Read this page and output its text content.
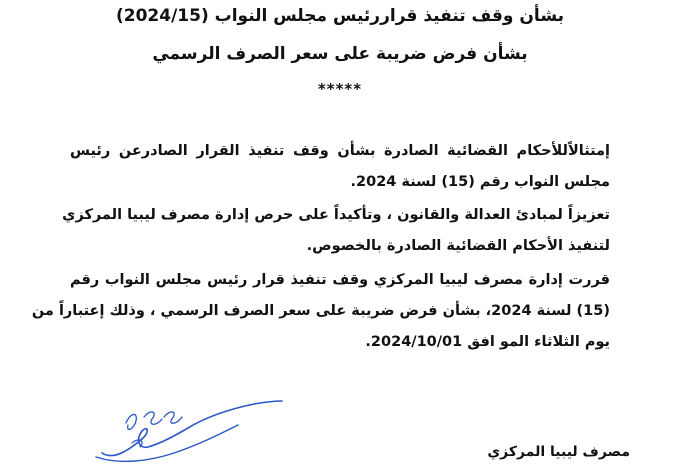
بشأن وقف تنفيذ قراررئيس مجلس النواب (2024/15)
بشأن فرض ضريبة على سعر الصرف الرسمي
*****
إمتثالاًللأحكام القضائية الصادرة بشأن وقف تنفيذ القرار الصادرعن رئيس
مجلس النواب رقم (15) لسنة 2024.
تعزيزاً لمبادئ العدالة والقانون ، وتأكيداً على حرص إدارة مصرف ليبيا المركزي
لتنفيذ الأحكام القضائية الصادرة بالخصوص.
قررت إدارة مصرف ليبيا المركزي وقف تنفيذ قرار رئيس مجلس النواب رقم
(15) لسنة 2024، بشأن فرض ضريبة على سعر الصرف الرسمي ، وذلك إعتباراً من
يوم الثلاثاء المو افق 2024/10/01.
مصرف ليبيا المركزي
